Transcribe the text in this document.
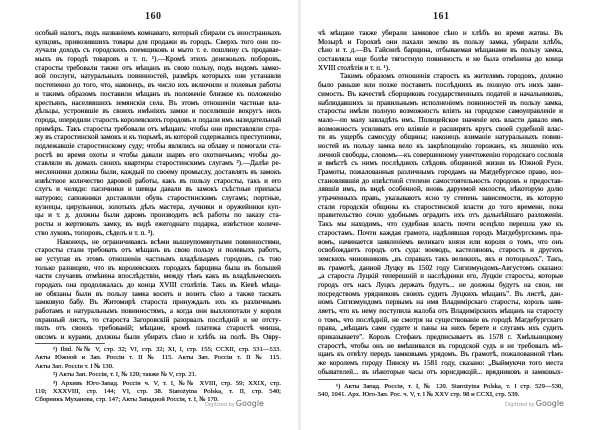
160
особый налогъ, подъ названіемъ комнаваго, который сбирали съ иностранныхъ
купцовъ, привозившихъ товары для продажи въ городъ. Сверхъ того они по-
лучали доходъ съ городскихъ поемщиковъ и мыто т. е. пошлину съ продавае-
мыхъ въ городѣ товаровъ и т. п. ¹).—Кромѣ этихъ денежныхъ поборовъ,
старосты требовали также отъ мѣщанъ въ свою пользу, подъ видомъ замко-
вой послуги, натуральныхъ повинностей, размѣръ которыхъ они устанавли
постепенно до того, что, наконецъ, въ число ихъ включили и полевыя работы
и такимъ образомъ поставили мѣщанъ въ положеніе близкое къ положенію
крестьянъ, населявшихъ земянскія села. Въ этомъ отношеніи частные вла-
дѣльцы, устроившіе въ своихъ имѣніяхъ замки и поселившіе вокругъ нихъ
города, опередили старость королевскихъ городовъ и подали имъ назидательный
примѣръ. Такъ старосты требовали отъ мѣщанъ: чтобы они приставляли стра-
жу въ старостинской замокъ и къ тюрьмѣ, въ которой содержались преступники,
подлежавшіе старостинскому суду; чтобы являлись на облаву и помогали ста-
ростѣ во время охоты и чтобы давали шарвъ его охотничьимъ; чтобы до-
ставляли въ домахъ своихъ квартиры старостинскимъ слугамъ ²).—Далѣе ре-
месленники должны были, каждый по своему промыслу, доставлять въ замокъ
извѣстное количество даровой работы, какъ въ пользу старосты, такъ и его
слугъ и челяди: пасичники и шевцы давали въ замокъ съѣстные припасы
натурою; сапожники доставляли обувь старостинскимъ слугамъ; портные,
кузнецы, цирульники, золотыхъ дѣлъ мастера, лучники и оружейники куп-
цы и т. д. должны были даромъ производить всѣ работы по заказу ста-
росты и жертвовать замку, въ видѣ ежегоднаго подарка, извѣстное количе-
ство луковъ, топоровъ, сѣделъ и т. п. ³).
Наконецъ, не ограничиваясь всѣми вышеупомянутыми повинностями,
старосты стали требовать отъ мѣщанъ въ свою пользу и полевыхъ работъ,
не уступая въ этомъ отношеніи частнымъ владѣльцамъ городовъ, съ тою
только разницею, что въ королевскихъ городахъ барщина была въ большей
части случаевъ отмѣнена впослѣдствіи, между тѣмъ какъ въ владѣльческихъ
городахъ она продолжалась до конца XVIII столѣтія. Такъ въ Кіевѣ мѣща-
не обязаны были въ пользу замка косить и возить сѣно а также таскать
замковую бабу. Въ Житомирѣ староста принуждалъ ихъ къ различнымъ
работамъ и натуральнымъ повинностямъ, а когда они выхлопотали у короля
охранный листъ, то староста Загоровскій разорвалъ послѣдній и не отсту-
пилъ отъ своихъ требованій; мѣщане, кромѣ платежа старостѣ чинша,
овсомъ и курами, должны были убирать сѣно и хлѣбъ на полѣ. Въ Овру-
¹) Ibid. №№ V, стр. 32; VI, стр. 32; XI, I, стр. 155; CCXII, стр. 531—533.
Акты Южной и Зап. Россіи т. II № 115. Акты Зап. Россіи т. II № 115.
Акты Зап. Россіи т. I № 130.
²) Акты Зап. Россіи, т. I, № 120; также № V, стр. 21.
³) Архивъ Юго-Запад. Россіи ч. V, т. I, №№ XVIII, стр. 59; XXIX, стр.
110; XXXVIII, стр. 144; VI, стр. 38. Starożytna Polska, т. II, стр. 540;
Сборникъ Муханова, стр. 147; Акты Западной Россіи, т. I, № 170.
Digitized byGoogle
161
чѣ мѣщане также убирали замковое сѣно и хлѣбъ во время жатвы. Въ
Мозырѣ и Горохвѣ они пахали землю въ пользу замка, убирали хлѣбъ,
сѣно и т. д.—Въ Гайсинѣ барщина, отбываемая мѣщанами въ пользу замка,
составляла еще болѣе тягостную повинность и не была отмѣнена до конца
XVIII столѣтія и т. п. ¹).
Такимъ образомъ отношенія старость къ жителямъ городовъ, должно
было раньше или позже поставить послѣднихъ въ полную отъ нихъ зави-
симость. Въ качествѣ сборщиковъ государственныхъ податей и начальниковъ,
наблюдавшихъ за правильнымъ исполненіемъ повинностей въ пользу замка,
старосты имѣли полную возможность вліять на городское самоуправленіе и
мало—по малу завладѣть имъ. Полицейское значеніе ихъ власти давало имъ
возможность усиливать его вліяніе и расширять кругъ своей судебной влас-
ти въ ущербъ самосуду общины; наконецъ взиманіе натуральныхъ повин-
ностей въ пользу замка вело къ закрѣпощенію горожанъ, къ лишенію ихъ
личной свободы, словомъ—къ совершенному уничтоженію городскаго сословія
и вмѣстѣ съ нимъ послѣднихъ слѣдовъ общинной жизни въ Южной Руси.
Грамоты, пожалованныя различнымъ городамъ на Магдебургское право, воз-
становлявшія до извѣстной степени самостоятельность городовъ и предостав-
лявшія имъ, въ видѣ особенной, вновь даруемой милости, нѣкоторую долю
утраченныхъ правъ, указываютъ ясно ту степень зависимости, въ которую
стали городскія общины къ старостинской власти до того времени, пока
правительство сочло удобнымъ оградить ихъ отъ дальнѣйшаго разложенія.
Такъ мы находимъ, что судебная власть почти всецѣло перешла уже къ
старостамъ. Почти каждая грамота, надѣлявшая городъ Магдебургскимъ пра-
вомъ, начинается заявленіемъ великаго князя или короля о томъ, что онъ
освобождаетъ городъ отъ суда: воеводъ, кастеляновъ, старость и другихъ
земскихъ чиновниковъ „въ справахъ такъ великихъ, якъ и потоцныхъ". Такъ,
въ грамотѣ, данной Луцку въ 1502 году Сигизмундомъ-Августомъ сказано:
„а староста Луцкій теперешній и наслѣдники его, Луцкіе старосты, которые
городъ отъ насъ Луцкъ держать будутъ... не должны будутъ на свои, ни
посредствомъ урядниковъ своихъ судить Луцкихъ мѣщанъ". Въ листѣ, дан-
номъ Сигизмундомъ первымъ на имя Владимірскаго старосты, король заяв-
ляетъ, что къ нему поступила жалоба отъ Владимірскихъ мѣщанъ на старосту
о томъ, что послѣдній, не смотря на существованіе въ городѣ Магдебургскаго
права, „мѣщанъ сами судите и паны на нихъ берете и слугамъ ихъ судить
приказываете". Король Стефанъ предписываетъ въ 1578 г. Хмѣльницкому
старостѣ, чтобы онъ не вмѣшивался въ городской судъ и не требовалъ мѣ-
щанъ къ отвѣту передъ замковымъ урядомъ. Въ грамотѣ, пожалованной тѣмъ
же королемъ городу Пинску въ 1581 году, сказано: „Выймуючи того места
обывателей... въ нѣкоторые часы отъ юрисдикцій... врядниковъ и замковых-
¹) Акты Запад. Россіи, т. I, № 120. Starożytna Polska, т. I стр. 529—530,
540, 1041. Арх. Юго-Зап. Рос. ч. V, т. I № XXV стр. 98 и CCXI, стр. 539.
Digitized byGoogle
